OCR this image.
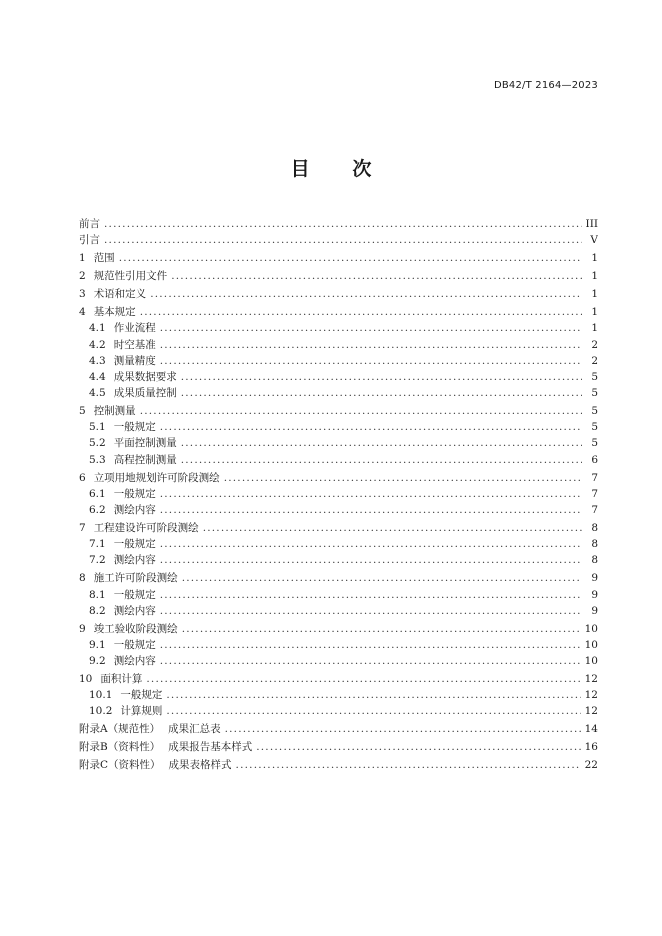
DB42/T 2164—2023
目 次
前言 .....	III
引言 .....	V
1 范围 .....	1
2 规范性引用文件 .....	1
3 术语和定义 .....	1
4 基本规定 .....	1
4.1 作业流程 .....	1
4.2 时空基准 .....	2
4.3 测量精度 .....	2
4.4 成果数据要求 .....	5
4.5 成果质量控制 .....	5
5 控制测量 .....	5
5.1 一般规定 .....	5
5.2 平面控制测量 .....	5
5.3 高程控制测量 .....	6
6 立项用地规划许可阶段测绘 .....	7
6.1 一般规定 .....	7
6.2 测绘内容 .....	7
7 工程建设许可阶段测绘 .....	8
7.1 一般规定 .....	8
7.2 测绘内容 .....	8
8 施工许可阶段测绘 .....	9
8.1 一般规定 .....	9
8.2 测绘内容 .....	9
9 竣工验收阶段测绘 .....	10
9.1 一般规定 .....	10
9.2 测绘内容 .....	10
10 面积计算 .....	12
10.1 一般规定 .....	12
10.2 计算规则 .....	12
附录A（规范性） 成果汇总表 .....	14
附录B（资料性） 成果报告基本样式 .....	16
附录C（资料性） 成果表格样式 .....	22
